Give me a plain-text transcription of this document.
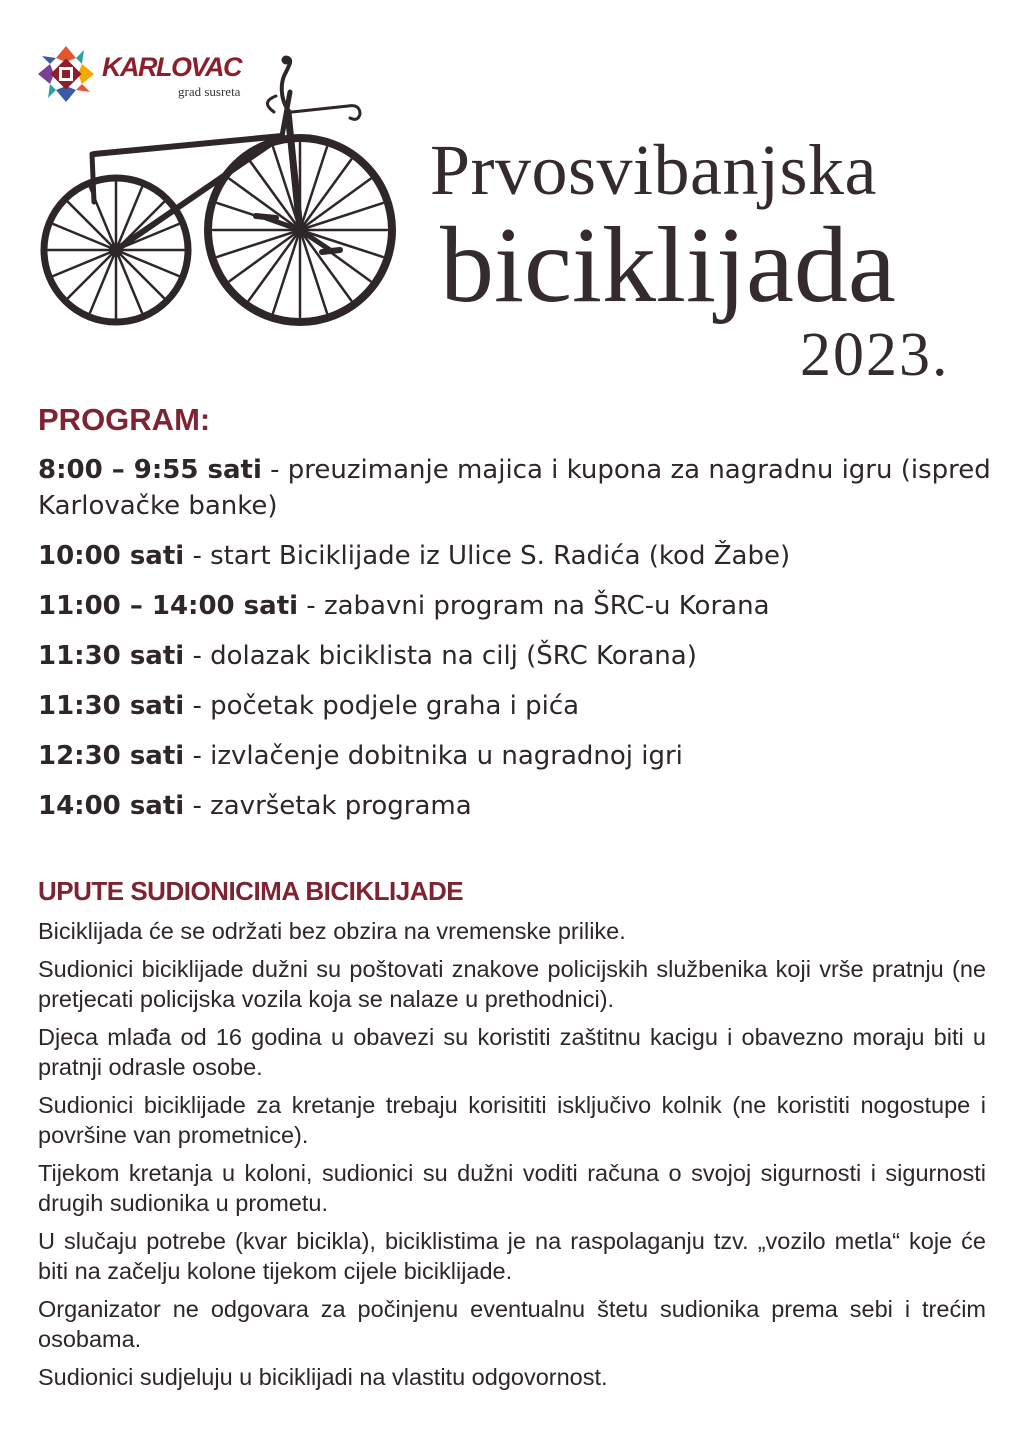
KARLOVAC
grad susreta
Prvosvibanjska
biciklijada
2023.
PROGRAM:
8:00 – 9:55 sati - preuzimanje majica i kupona za nagradnu igru (ispred Karlovačke banke)
10:00 sati - start Biciklijade iz Ulice S. Radića (kod Žabe)
11:00 – 14:00 sati - zabavni program na ŠRC-u Korana
11:30 sati - dolazak biciklista na cilj (ŠRC Korana)
11:30 sati - početak podjele graha i pića
12:30 sati - izvlačenje dobitnika u nagradnoj igri
14:00 sati - završetak programa
UPUTE SUDIONICIMA BICIKLIJADE

Biciklijada će se održati bez obzira na vremenske prilike.

Sudionici biciklijade dužni su poštovati znakove policijskih službenika koji vrše pratnju (ne pretjecati policijska vozila koja se nalaze u prethodnici).

Djeca mlađa od 16 godina u obavezi su koristiti zaštitnu kacigu i obavezno moraju biti u pratnji odrasle osobe.

Sudionici biciklijade za kretanje trebaju korisititi isključivo kolnik (ne koristiti nogostupe i površine van prometnice).

Tijekom kretanja u koloni, sudionici su dužni voditi računa o svojoj sigurnosti i sigurnosti drugih sudionika u prometu.

U slučaju potrebe (kvar bicikla), biciklistima je na raspolaganju tzv. „vozilo metla“ koje će biti na začelju kolone tijekom cijele biciklijade.

Organizator ne odgovara za počinjenu eventualnu štetu sudionika prema sebi i trećim osobama.

Sudionici sudjeluju u biciklijadi na vlastitu odgovornost.
